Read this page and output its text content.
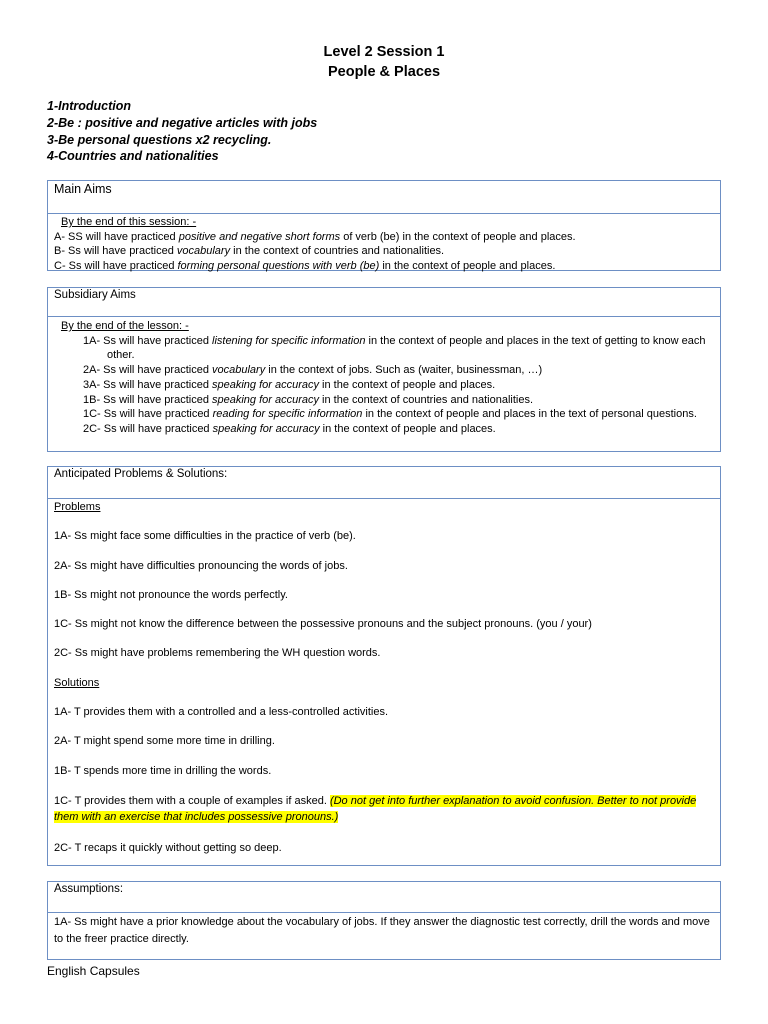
Level 2 Session 1
People & Places
1-Introduction
2-Be : positive and negative articles with jobs
3-Be personal questions x2 recycling.
4-Countries and nationalities
Main Aims
By the end of this session: -
A- SS will have practiced positive and negative short forms of verb (be) in the context of people and places.
B- Ss will have practiced vocabulary in the context of countries and nationalities.
C- Ss will have practiced forming personal questions with verb (be) in the context of people and places.
Subsidiary Aims
By the end of the lesson: -
1A- Ss will have practiced listening for specific information in the context of people and places in the text of getting to know each other.
2A- Ss will have practiced vocabulary in the context of jobs. Such as (waiter, businessman, …)
3A- Ss will have practiced speaking for accuracy in the context of people and places.
1B- Ss will have practiced speaking for accuracy in the context of countries and nationalities.
1C- Ss will have practiced reading for specific information in the context of people and places in the text of personal questions.
2C- Ss will have practiced speaking for accuracy in the context of people and places.
Anticipated Problems & Solutions:
Problems
1A- Ss might face some difficulties in the practice of verb (be).
2A- Ss might have difficulties pronouncing the words of jobs.
1B- Ss might not pronounce the words perfectly.
1C- Ss might not know the difference between the possessive pronouns and the subject pronouns. (you / your)
2C- Ss might have problems remembering the WH question words.
Solutions
1A- T provides them with a controlled and a less-controlled activities.
2A- T might spend some more time in drilling.
1B- T spends more time in drilling the words.
1C- T provides them with a couple of examples if asked. (Do not get into further explanation to avoid confusion. Better to not provide them with an exercise that includes possessive pronouns.)
2C- T recaps it quickly without getting so deep.
Assumptions:
1A- Ss might have a prior knowledge about the vocabulary of jobs. If they answer the diagnostic test correctly, drill the words and move to the freer practice directly.
English Capsules
